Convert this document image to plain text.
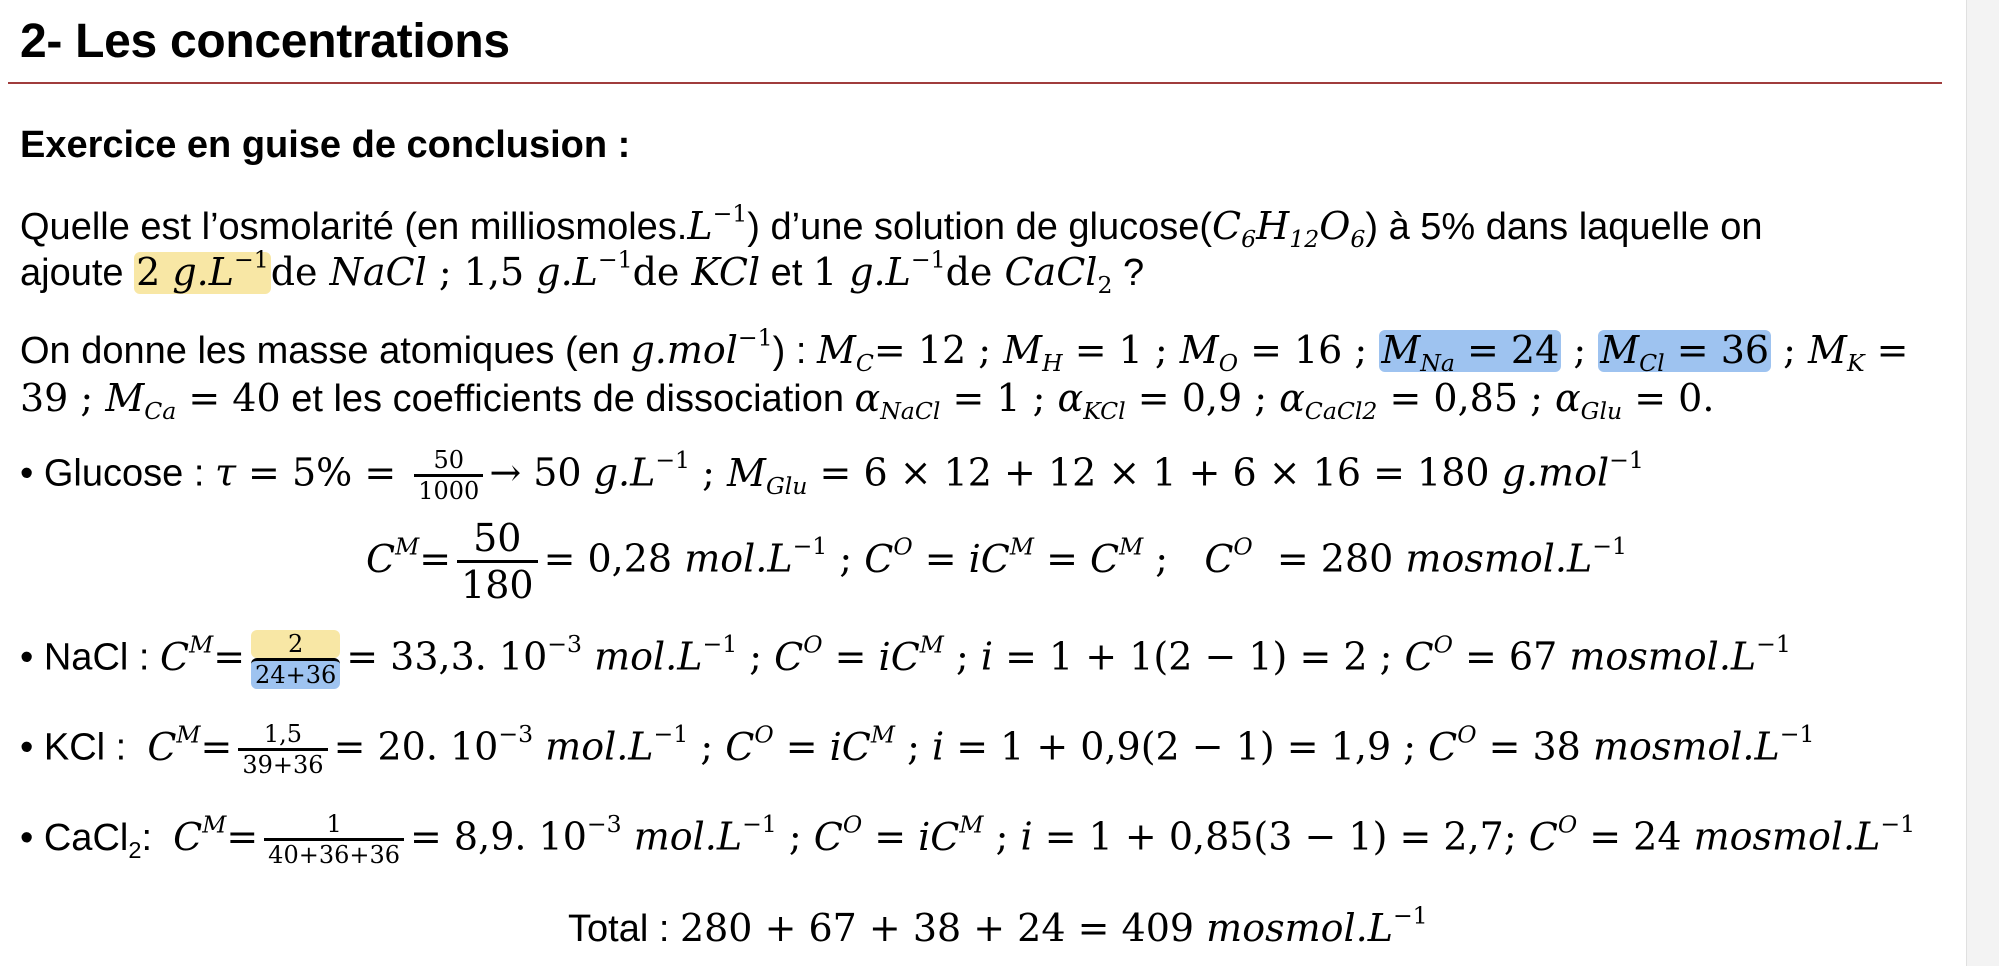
2- Les concentrations
Exercice en guise de conclusion :
Quelle est l’osmolarité (en $milliosmoles.L^{-1}$) d’une solution de $glucose(C_6H_{12}O_6)$ à 5% dans laquelle on
ajoute 2 $g.L^{-1}de$ NaCl ; 1,5 $g.L^{-1}de$ KCl et 1 $g.L^{-1}de$ CaCl$_2$ ?
On donne les masse atomiques (en g.mol$^{-1}$) : $M_C= 12$ ; $M_H = 1$ ; $M_O = 16$ ; $M_{Na} = 24$ ; $M_{Cl} = 36$ ; $M_K$ =
39 ; $M_{Ca} = 40$ et les coefficients de dissociation $\alpha_{NaCl} = 1$ ; $\alpha_{KCl} = 0,9$ ; $\alpha_{CaCl2} = 0,85$ ; $\alpha_{Glu} = 0$.
• Glucose : $\tau = 5\% = \frac{50}{1000} \to 50$ $g.L^{-1}$ ; $M_{Glu} = 6 \times 12 + 12 \times 1 + 6 \times 16 = 180$ g.mol$^{-1}$
$C^M= \frac{50}{180} = 0,28$ $mol.L^{-1}$ ; $C^O = iC^M = C^M$ ;   $C^O = 280$ $mosmol.L^{-1}$
• NaCl : $C^M= \frac{2}{24+36} = 33,3$. $10^{-3}$ $mol.L^{-1}$ ; $C^O = iC^M$ ; i = 1 + 1(2 − 1) = 2 ; $C^O = 67$ $mosmol.L^{-1}$
• KCl :  $C^M= \frac{1,5}{39+36} = 20$. $10^{-3}$ $mol.L^{-1}$ ; $C^O = iC^M$ ; i = 1 + 0,9(2 − 1) = 1,9 ; $C^O = 38$ $mosmol.L^{-1}$
• CaCl$_2$:  $C^M= \frac{1}{40+36+36} = 8,9$. $10^{-3}$ $mol.L^{-1}$ ; $C^O = iC^M$ ; i = 1 + 0,85(3 − 1) = 2,7; $C^O = 24$ $mosmol.L^{-1}$
Total : 280 + 67 + 38 + 24 = 409 $mosmol.L^{-1}$
